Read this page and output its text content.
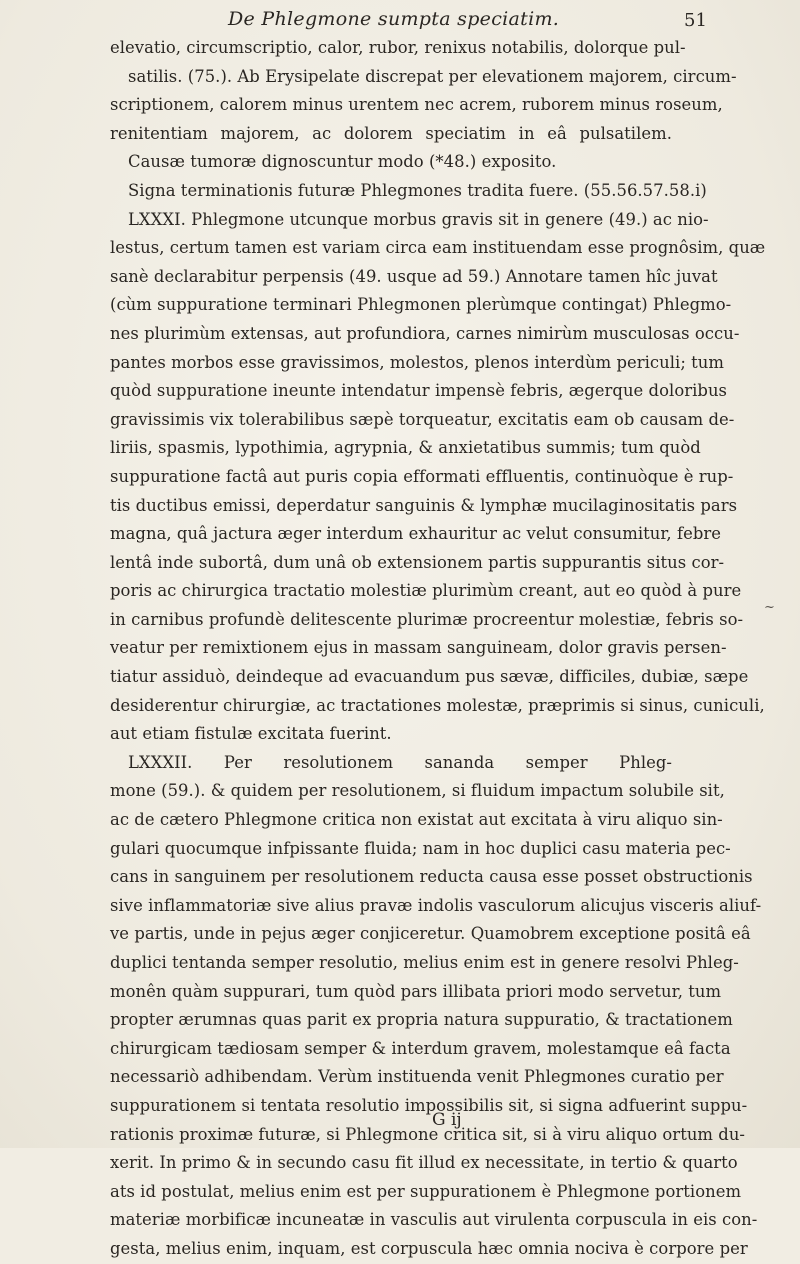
De Phlegmone sumpta speciatim.	51
elevatio, circumscriptio, calor, rubor, renixus notabilis, dolorque pul-
satilis. (75.). Ab Erysipelate discrepat per elevationem majorem, circum-
scriptionem, calorem minus urentem nec acrem, ruborem minus roseum,
renitentiam majorem, ac dolorem speciatim in eâ pulsatilem.
Causæ tumoræ dignoscuntur modo (*48.) exposito.
Signa terminationis futuræ Phlegmones tradita fuere. (55.56.57.58.i)
LXXXI. Phlegmone utcunque morbus gravis sit in genere (49.) ac nio-
lestus, certum tamen est variam circa eam instituendam esse prognôsim, quæ
sanè declarabitur perpensis (49. usque ad 59.) Annotare tamen hîc juvat
(cùm suppuratione terminari Phlegmonen plerùmque contingat) Phlegmo-
nes plurimùm extensas, aut profundiora, carnes nimirùm musculosas occu-
pantes morbos esse gravissimos, molestos, plenos interdùm periculi; tum
quòd suppuratione ineunte intendatur impensè febris, ægerque doloribus
gravissimis vix tolerabilibus sæpè torqueatur, excitatis eam ob causam de-
liriis, spasmis, lypothimia, agrypnia, & anxietatibus summis; tum quòd
suppuratione factâ aut puris copia efformati effluentis, continuòque è rup-
tis ductibus emissi, deperdatur sanguinis & lymphæ mucilaginositatis pars
magna, quâ jactura æger interdum exhauritur ac velut consumitur, febre
lentâ inde subortâ, dum unâ ob extensionem partis suppurantis situs cor-
poris ac chirurgica tractatio molestiæ plurimùm creant, aut eo quòd à pure
in carnibus profundè delitescente plurimæ procreentur molestiæ, febris so-
veatur per remixtionem ejus in massam sanguineam, dolor gravis persen-
tiatur assiduò, deindeque ad evacuandum pus sævæ, difficiles, dubiæ, sæpe
desiderentur chirurgiæ, ac tractationes molestæ, præprimis si sinus, cuniculi,
aut etiam fistulæ excitata fuerint.
LXXXII. Per resolutionem sananda semper Phleg-
mone (59.). & quidem per resolutionem, si fluidum impactum solubile sit,
ac de cætero Phlegmone critica non existat aut excitata à viru aliquo sin-
gulari quocumque infpissante fluida; nam in hoc duplici casu materia pec-
cans in sanguinem per resolutionem reducta causa esse posset obstructionis
sive inflammatoriæ sive alius pravæ indolis vasculorum alicujus visceris aliuf-
ve partis, unde in pejus æger conjiceretur. Quamobrem exceptione positâ eâ
duplici tentanda semper resolutio, melius enim est in genere resolvi Phleg-
monên quàm suppurari, tum quòd pars illibata priori modo servetur, tum
propter ærumnas quas parit ex propria natura suppuratio, & tractationem
chirurgicam tædiosam semper & interdum gravem, molestamque eâ facta
necessariò adhibendam. Verùm instituenda venit Phlegmones curatio per
suppurationem si tentata resolutio impossibilis sit, si signa adfuerint suppu-
rationis proximæ futuræ, si Phlegmone critica sit, si à viru aliquo ortum du-
xerit. In primo & in secundo casu fit illud ex necessitate, in tertio & quarto
ats id postulat, melius enim est per suppurationem è Phlegmone portionem
materiæ morbificæ incuneatæ in vasculis aut virulenta corpuscula in eis con-
gesta, melius enim, inquam, est corpuscula hæc omnia nociva è corpore per
G ij
~
